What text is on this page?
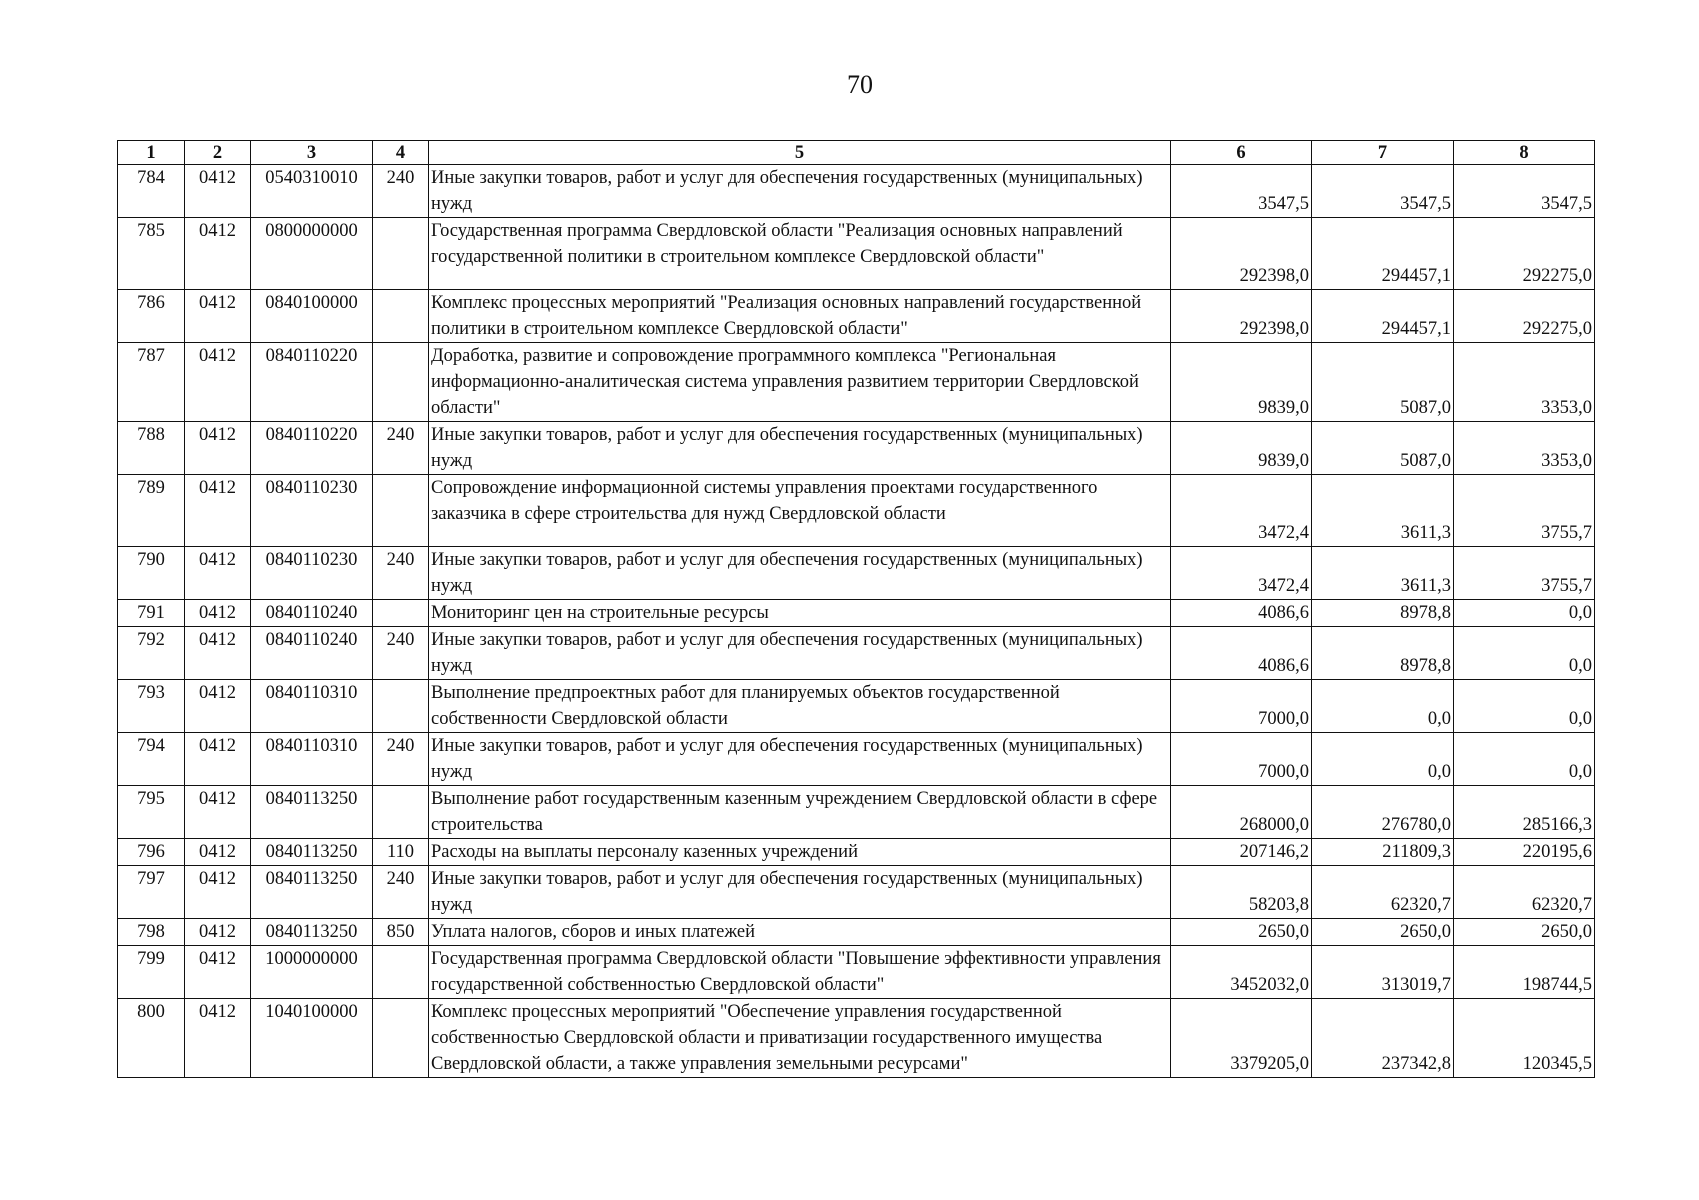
70
1	2	3	4	5	6	7	8
784	0412	0540310010	240	Иные закупки товаров, работ и услуг для обеспечения государственных (муниципальных) нужд	3547,5	3547,5	3547,5
785	0412	0800000000		Государственная программа Свердловской области "Реализация основных направлений государственной политики в строительном комплексе Свердловской области"	292398,0	294457,1	292275,0
786	0412	0840100000		Комплекс процессных мероприятий "Реализация основных направлений государственной политики в строительном комплексе Свердловской области"	292398,0	294457,1	292275,0
787	0412	0840110220		Доработка, развитие и сопровождение программного комплекса "Региональная информационно-аналитическая система управления развитием территории Свердловской области"	9839,0	5087,0	3353,0
788	0412	0840110220	240	Иные закупки товаров, работ и услуг для обеспечения государственных (муниципальных) нужд	9839,0	5087,0	3353,0
789	0412	0840110230		Сопровождение информационной системы управления проектами государственного заказчика в сфере строительства для нужд Свердловской области	3472,4	3611,3	3755,7
790	0412	0840110230	240	Иные закупки товаров, работ и услуг для обеспечения государственных (муниципальных) нужд	3472,4	3611,3	3755,7
791	0412	0840110240		Мониторинг цен на строительные ресурсы	4086,6	8978,8	0,0
792	0412	0840110240	240	Иные закупки товаров, работ и услуг для обеспечения государственных (муниципальных) нужд	4086,6	8978,8	0,0
793	0412	0840110310		Выполнение предпроектных работ для планируемых объектов государственной собственности Свердловской области	7000,0	0,0	0,0
794	0412	0840110310	240	Иные закупки товаров, работ и услуг для обеспечения государственных (муниципальных) нужд	7000,0	0,0	0,0
795	0412	0840113250		Выполнение работ государственным казенным учреждением Свердловской области в сфере строительства	268000,0	276780,0	285166,3
796	0412	0840113250	110	Расходы на выплаты персоналу казенных учреждений	207146,2	211809,3	220195,6
797	0412	0840113250	240	Иные закупки товаров, работ и услуг для обеспечения государственных (муниципальных) нужд	58203,8	62320,7	62320,7
798	0412	0840113250	850	Уплата налогов, сборов и иных платежей	2650,0	2650,0	2650,0
799	0412	1000000000		Государственная программа Свердловской области "Повышение эффективности управления государственной собственностью Свердловской области"	3452032,0	313019,7	198744,5
800	0412	1040100000		Комплекс процессных мероприятий "Обеспечение управления государственной собственностью Свердловской области и приватизации государственного имущества Свердловской области, а также управления земельными ресурсами"	3379205,0	237342,8	120345,5
